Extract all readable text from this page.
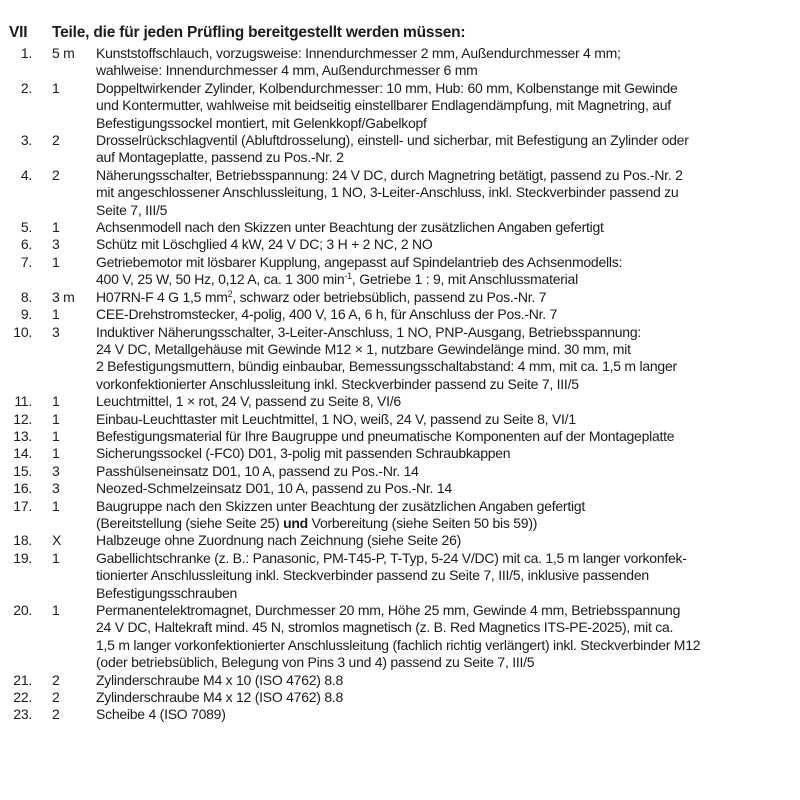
VII	Teile, die für jeden Prüfling bereitgestellt werden müssen:
1.	5 m	Kunststoffschlauch, vorzugsweise: Innendurchmesser 2 mm, Außendurchmesser 4 mm;
wahlweise: Innendurchmesser 4 mm, Außendurchmesser 6 mm
2.	1	Doppeltwirkender Zylinder, Kolbendurchmesser: 10 mm, Hub: 60 mm, Kolbenstange mit Gewinde
und Kontermutter, wahlweise mit beidseitig einstellbarer Endlagendämpfung, mit Magnetring, auf
Befestigungssockel montiert, mit Gelenkkopf/Gabelkopf
3.	2	Drosselrückschlagventil (Abluftdrosselung), einstell- und sicherbar, mit Befestigung an Zylinder oder
auf Montageplatte, passend zu Pos.-Nr. 2
4.	2	Näherungsschalter, Betriebsspannung: 24 V DC, durch Magnetring betätigt, passend zu Pos.-Nr. 2
mit angeschlossener Anschlussleitung, 1 NO, 3-Leiter-Anschluss, inkl. Steckverbinder passend zu
Seite 7, III/5
5.	1	Achsenmodell nach den Skizzen unter Beachtung der zusätzlichen Angaben gefertigt
6.	3	Schütz mit Löschglied 4 kW, 24 V DC; 3 H + 2 NC, 2 NO
7.	1	Getriebemotor mit lösbarer Kupplung, angepasst auf Spindelantrieb des Achsenmodells:
400 V, 25 W, 50 Hz, 0,12 A, ca. 1 300 $\min^{-1}$, Getriebe 1 : 9, mit Anschlussmaterial
8.	3 m	H07RN-F 4 G 1,5 $mm^2$, schwarz oder betriebsüblich, passend zu Pos.-Nr. 7
9.	1	CEE-Drehstromstecker, 4-polig, 400 V, 16 A, 6 h, für Anschluss der Pos.-Nr. 7
10.	3	Induktiver Näherungsschalter, 3-Leiter-Anschluss, 1 NO, PNP-Ausgang, Betriebsspannung:
24 V DC, Metallgehäuse mit Gewinde M12 × 1, nutzbare Gewindelänge mind. 30 mm, mit
2 Befestigungsmuttern, bündig einbaubar, Bemessungsschaltabstand: 4 mm, mit ca. 1,5 m langer
vorkonfektionierter Anschlussleitung inkl. Steckverbinder passend zu Seite 7, III/5
11.	1	Leuchtmittel, 1 × rot, 24 V, passend zu Seite 8, VI/6
12.	1	Einbau-Leuchttaster mit Leuchtmittel, 1 NO, weiß, 24 V, passend zu Seite 8, VI/1
13.	1	Befestigungsmaterial für Ihre Baugruppe und pneumatische Komponenten auf der Montageplatte
14.	1	Sicherungssockel (-FC0) D01, 3-polig mit passenden Schraubkappen
15.	3	Passhülseneinsatz D01, 10 A, passend zu Pos.-Nr. 14
16.	3	Neozed-Schmelzeinsatz D01, 10 A, passend zu Pos.-Nr. 14
17.	1	Baugruppe nach den Skizzen unter Beachtung der zusätzlichen Angaben gefertigt
(Bereitstellung (siehe Seite 25) und Vorbereitung (siehe Seiten 50 bis 59))
18.	X	Halbzeuge ohne Zuordnung nach Zeichnung (siehe Seite 26)
19.	1	Gabellichtschranke (z. B.: Panasonic, PM-T45-P, T-Typ, 5-24 V/DC) mit ca. 1,5 m langer vorkonfek-
tionierter Anschlussleitung inkl. Steckverbinder passend zu Seite 7, III/5, inklusive passenden
Befestigungsschrauben
20.	1	Permanentelektromagnet, Durchmesser 20 mm, Höhe 25 mm, Gewinde 4 mm, Betriebsspannung
24 V DC, Haltekraft mind. 45 N, stromlos magnetisch (z. B. Red Magnetics ITS-PE-2025), mit ca.
1,5 m langer vorkonfektionierter Anschlussleitung (fachlich richtig verlängert) inkl. Steckverbinder M12
(oder betriebsüblich, Belegung von Pins 3 und 4) passend zu Seite 7, III/5
21.	2	Zylinderschraube M4 x 10 (ISO 4762) 8.8
22.	2	Zylinderschraube M4 x 12 (ISO 4762) 8.8
23.	2	Scheibe 4 (ISO 7089)
